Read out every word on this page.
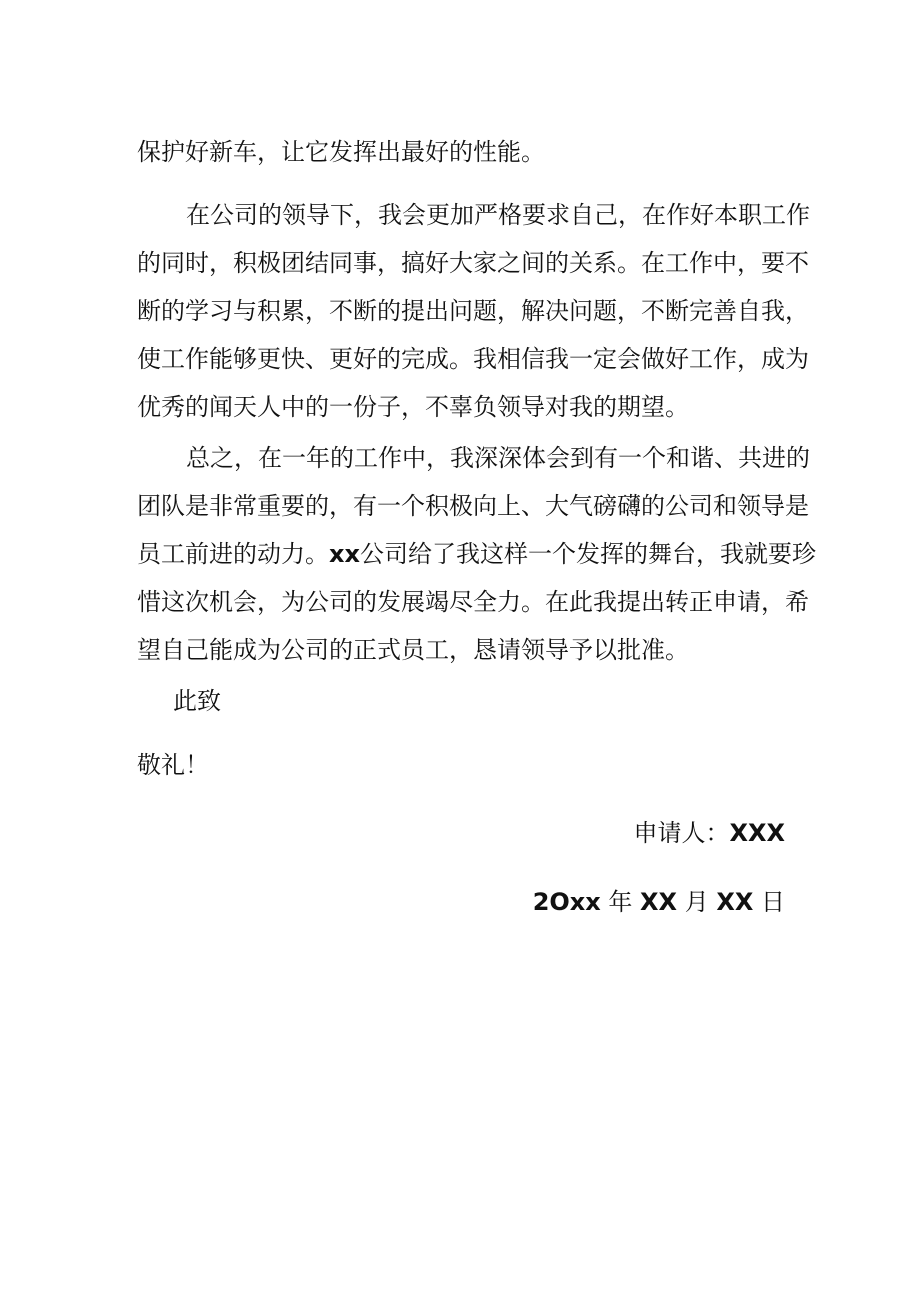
保护好新车，让它发挥出最好的性能。
在公司的领导下，我会更加严格要求自己，在作好本职工作
的同时，积极团结同事，搞好大家之间的关系。在工作中，要不
断的学习与积累，不断的提出问题，解决问题，不断完善自我，
使工作能够更快、更好的完成。我相信我一定会做好工作，成为
优秀的闻天人中的一份子，不辜负领导对我的期望。
总之，在一年的工作中，我深深体会到有一个和谐、共进的
团队是非常重要的，有一个积极向上、大气磅礴的公司和领导是
员工前进的动力。xx公司给了我这样一个发挥的舞台，我就要珍
惜这次机会，为公司的发展竭尽全力。在此我提出转正申请，希
望自己能成为公司的正式员工，恳请领导予以批准。
此致
敬礼！
申请人：XXX
2Oxx 年 XX 月 XX 日
